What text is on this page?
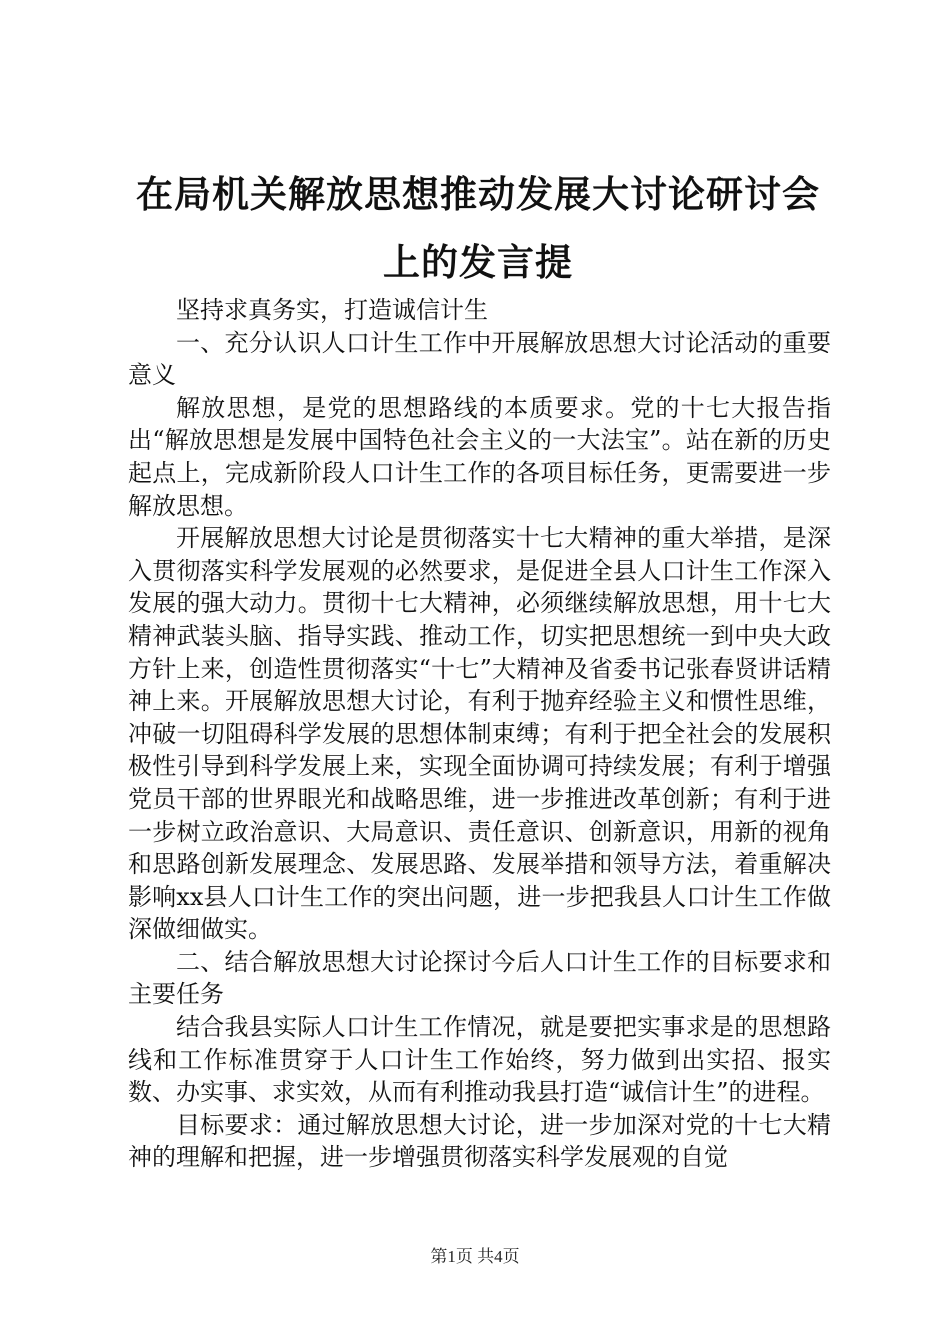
在局机关解放思想推动发展大讨论研讨会上的发言提

坚持求真务实，打造诚信计生

一、充分认识人口计生工作中开展解放思想大讨论活动的重要意义

解放思想，是党的思想路线的本质要求。党的十七大报告指出“解放思想是发展中国特色社会主义的一大法宝”。站在新的历史起点上，完成新阶段人口计生工作的各项目标任务，更需要进一步解放思想。

开展解放思想大讨论是贯彻落实十七大精神的重大举措，是深入贯彻落实科学发展观的必然要求，是促进全县人口计生工作深入发展的强大动力。贯彻十七大精神，必须继续解放思想，用十七大精神武装头脑、指导实践、推动工作，切实把思想统一到中央大政方针上来，创造性贯彻落实“十七”大精神及省委书记张春贤讲话精神上来。开展解放思想大讨论，有利于抛弃经验主义和惯性思维，冲破一切阻碍科学发展的思想体制束缚；有利于把全社会的发展积极性引导到科学发展上来，实现全面协调可持续发展；有利于增强党员干部的世界眼光和战略思维，进一步推进改革创新；有利于进一步树立政治意识、大局意识、责任意识、创新意识，用新的视角和思路创新发展理念、发展思路、发展举措和领导方法，着重解决影响xx县人口计生工作的突出问题，进一步把我县人口计生工作做深做细做实。

二、结合解放思想大讨论探讨今后人口计生工作的目标要求和主要任务

结合我县实际人口计生工作情况，就是要把实事求是的思想路线和工作标准贯穿于人口计生工作始终，努力做到出实招、报实数、办实事、求实效，从而有利推动我县打造“诚信计生”的进程。

目标要求：通过解放思想大讨论，进一步加深对党的十七大精神的理解和把握，进一步增强贯彻落实科学发展观的自觉

第1页 共4页
